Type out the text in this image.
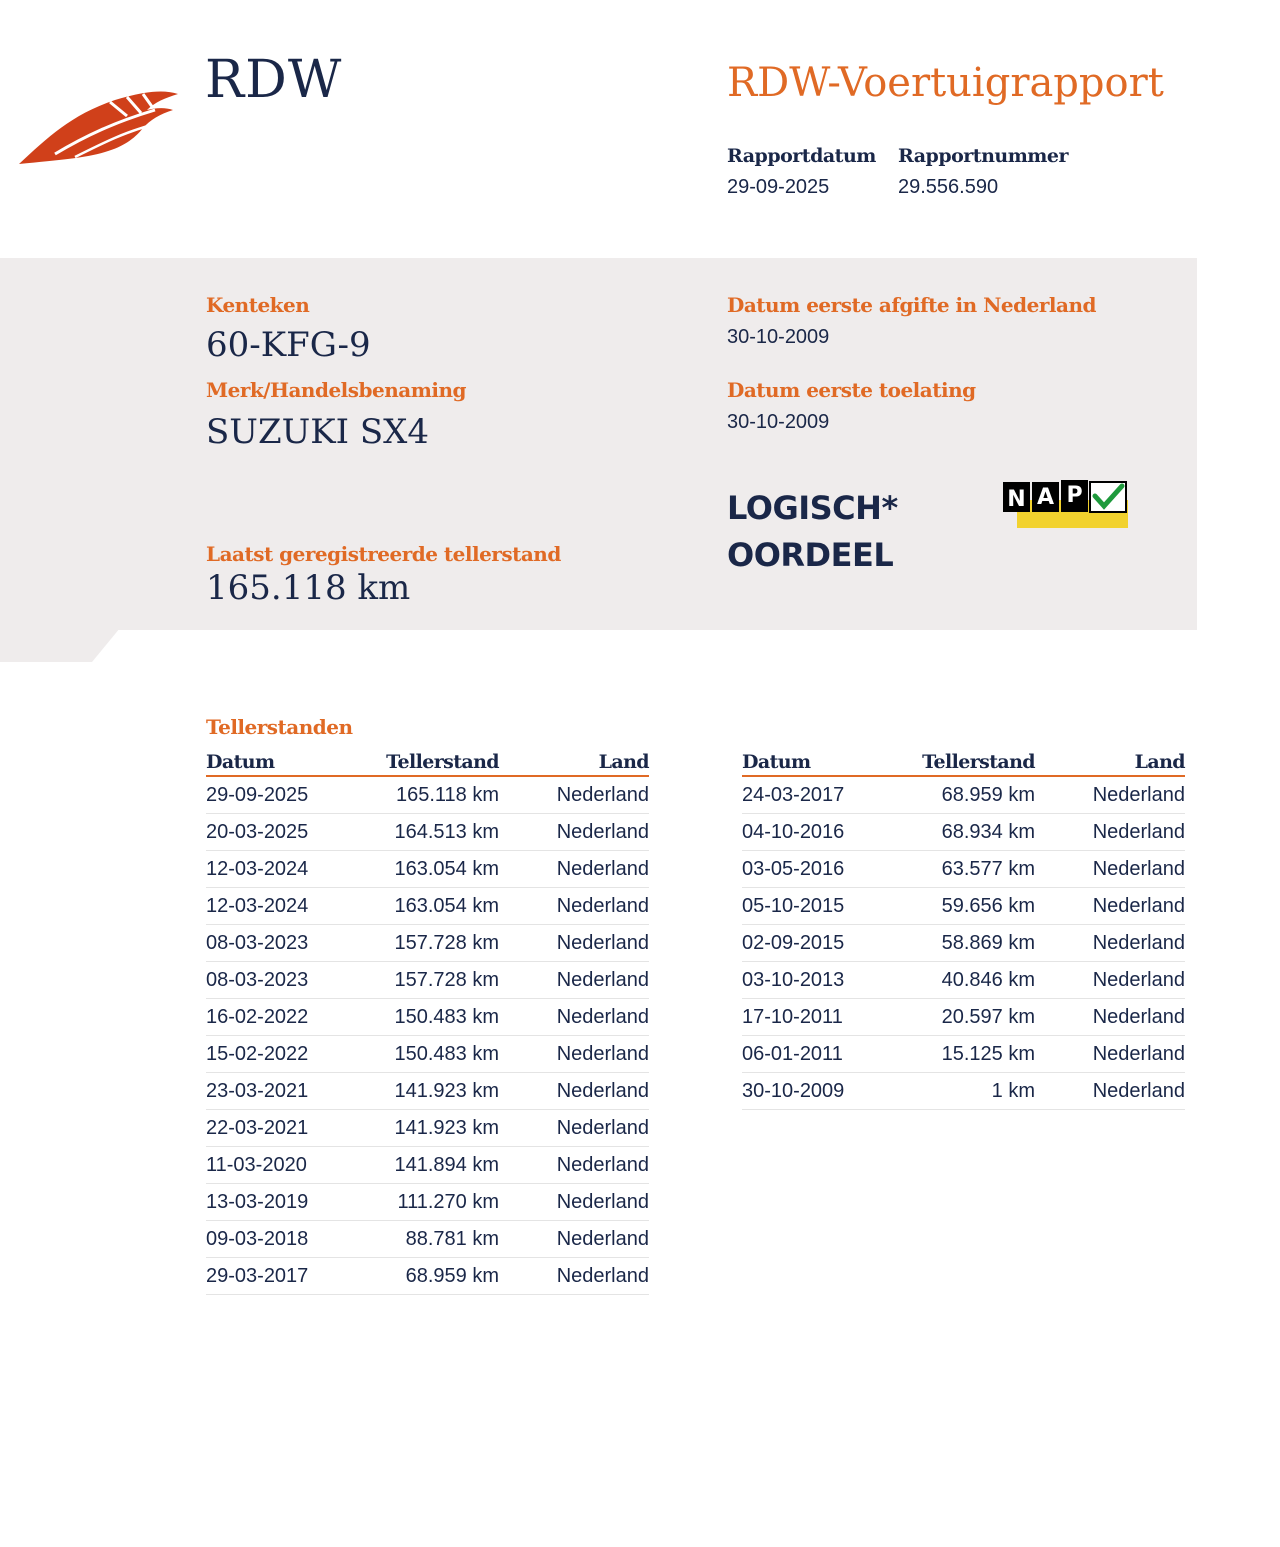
RDW	RDW-Voertuigrapport
Rapportdatum
29-09-2025
Rapportnummer
29.556.590
Kenteken
60-KFG-9
Merk/Handelsbenaming
SUZUKI SX4
Laatst geregistreerde tellerstand
165.118 km
Datum eerste afgifte in Nederland
30-10-2009
Datum eerste toelating
30-10-2009
LOGISCH*
OORDEEL
N A P
Tellerstanden
Datum	Tellerstand	Land
29-09-2025	165.118 km	Nederland
20-03-2025	164.513 km	Nederland
12-03-2024	163.054 km	Nederland
12-03-2024	163.054 km	Nederland
08-03-2023	157.728 km	Nederland
08-03-2023	157.728 km	Nederland
16-02-2022	150.483 km	Nederland
15-02-2022	150.483 km	Nederland
23-03-2021	141.923 km	Nederland
22-03-2021	141.923 km	Nederland
11-03-2020	141.894 km	Nederland
13-03-2019	111.270 km	Nederland
09-03-2018	88.781 km	Nederland
29-03-2017	68.959 km	Nederland
Datum	Tellerstand	Land
24-03-2017	68.959 km	Nederland
04-10-2016	68.934 km	Nederland
03-05-2016	63.577 km	Nederland
05-10-2015	59.656 km	Nederland
02-09-2015	58.869 km	Nederland
03-10-2013	40.846 km	Nederland
17-10-2011	20.597 km	Nederland
06-01-2011	15.125 km	Nederland
30-10-2009	1 km	Nederland
